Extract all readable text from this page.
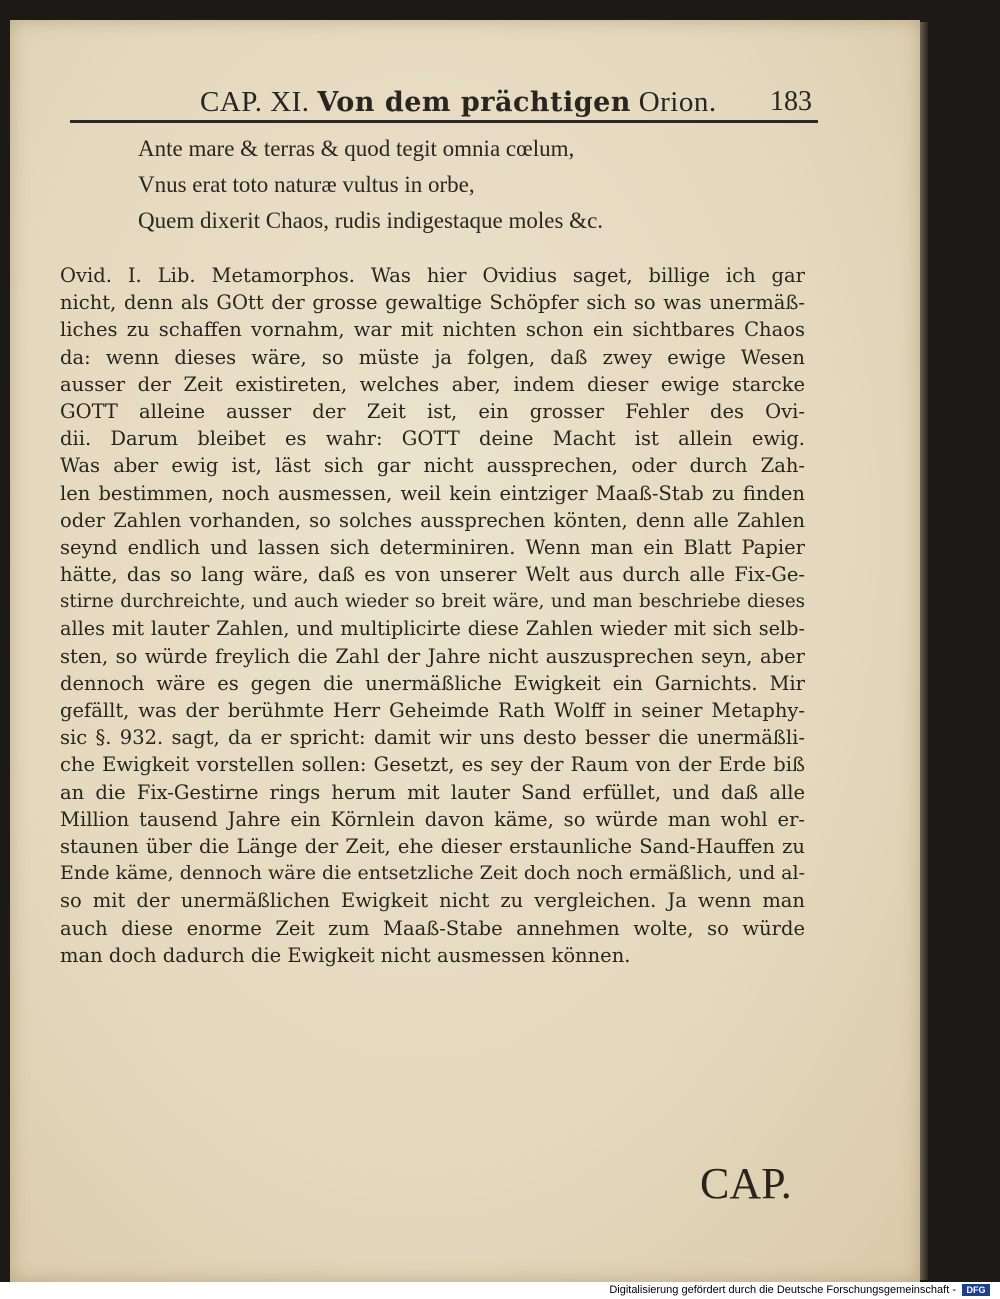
CAP. XI. Von dem prächtigen Orion. 183
Ante mare & terras & quod tegit omnia cœlum,
Vnus erat toto naturæ vultus in orbe,
Quem dixerit Chaos, rudis indigestaque moles &c.
Ovid. I. Lib. Metamorphos. Was hier Ovidius saget, billige ich gar
nicht, denn als GOtt der grosse gewaltige Schöpfer sich so was unermäß-
liches zu schaffen vornahm, war mit nichten schon ein sichtbares Chaos
da: wenn dieses wäre, so müste ja folgen, daß zwey ewige Wesen
ausser der Zeit existireten, welches aber, indem dieser ewige starcke
GOTT alleine ausser der Zeit ist, ein grosser Fehler des Ovi-
dii. Darum bleibet es wahr: GOTT deine Macht ist allein ewig.
Was aber ewig ist, läst sich gar nicht aussprechen, oder durch Zah-
len bestimmen, noch ausmessen, weil kein eintziger Maaß-Stab zu finden
oder Zahlen vorhanden, so solches aussprechen könten, denn alle Zahlen
seynd endlich und lassen sich determiniren. Wenn man ein Blatt Papier
hätte, das so lang wäre, daß es von unserer Welt aus durch alle Fix-Ge-
stirne durchreichte, und auch wieder so breit wäre, und man beschriebe dieses
alles mit lauter Zahlen, und multiplicirte diese Zahlen wieder mit sich selb-
sten, so würde freylich die Zahl der Jahre nicht auszusprechen seyn, aber
dennoch wäre es gegen die unermäßliche Ewigkeit ein Garnichts. Mir
gefällt, was der berühmte Herr Geheimde Rath Wolff in seiner Metaphy-
sic §. 932. sagt, da er spricht: damit wir uns desto besser die unermäßli-
che Ewigkeit vorstellen sollen: Gesetzt, es sey der Raum von der Erde biß
an die Fix-Gestirne rings herum mit lauter Sand erfüllet, und daß alle
Million tausend Jahre ein Körnlein davon käme, so würde man wohl er-
staunen über die Länge der Zeit, ehe dieser erstaunliche Sand-Hauffen zu
Ende käme, dennoch wäre die entsetzliche Zeit doch noch ermäßlich, und al-
so mit der unermäßlichen Ewigkeit nicht zu vergleichen. Ja wenn man
auch diese enorme Zeit zum Maaß-Stabe annehmen wolte, so würde
man doch dadurch die Ewigkeit nicht ausmessen können.
CAP.
Digitalisierung gefördert durch die Deutsche Forschungsgemeinschaft -	DFG
